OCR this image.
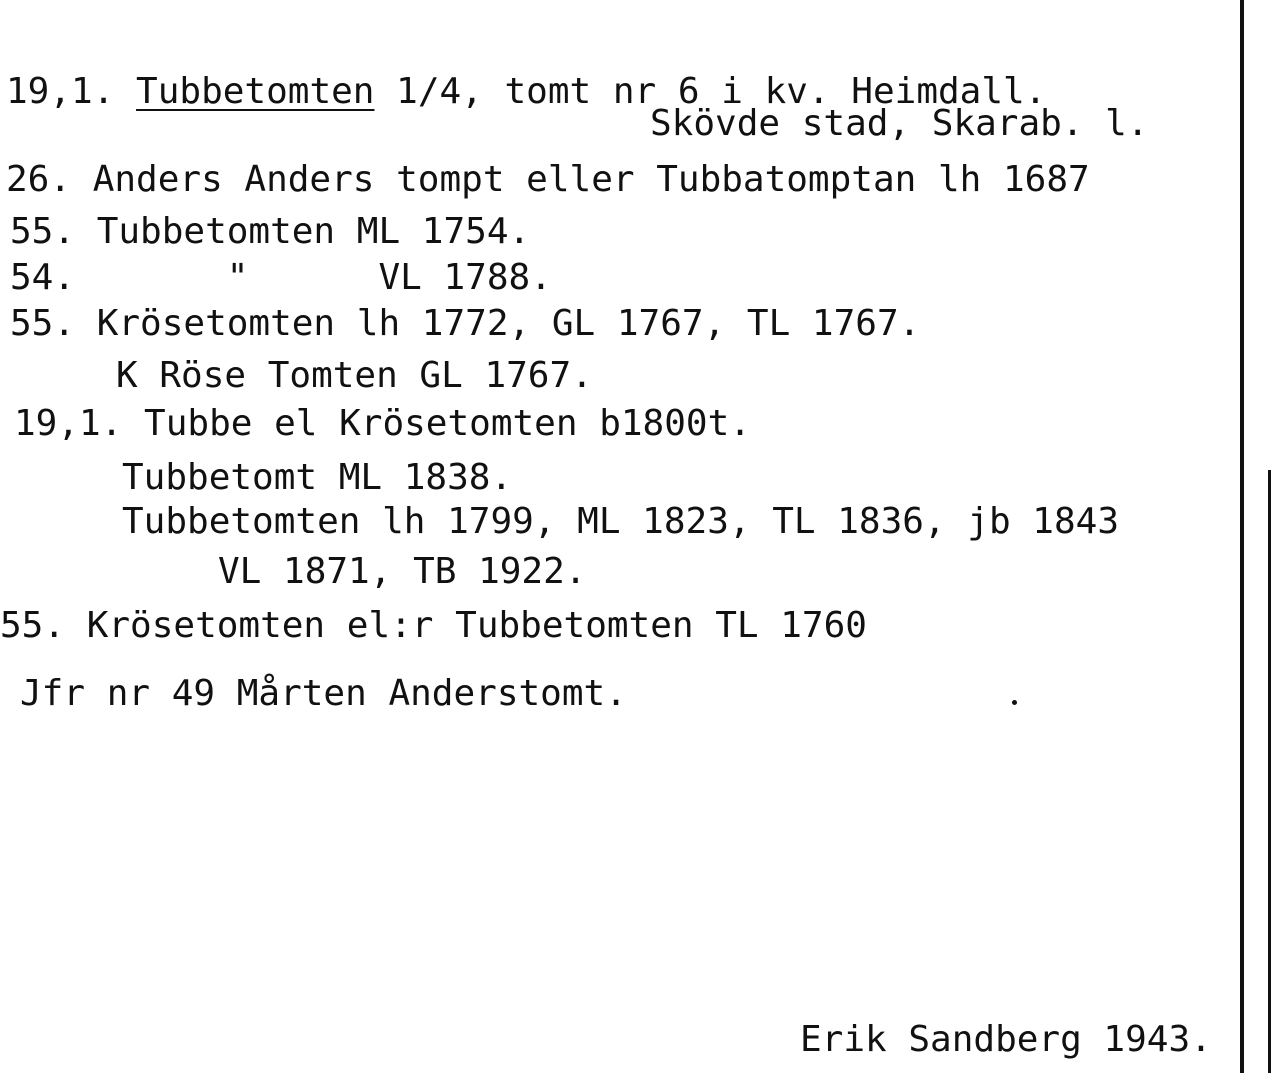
19,1. Tubbetomten 1/4, tomt nr 6 i kv. Heimdall.
Skövde stad, Skarab. l.
26. Anders Anders tompt eller Tubbatomptan lh 1687
55. Tubbetomten ML 1754.
54.       "      VL 1788.
55. Krösetomten lh 1772, GL 1767, TL 1767.
K Röse Tomten GL 1767.
19,1. Tubbe el Krösetomten b1800t.
Tubbetomt ML 1838.
Tubbetomten lh 1799, ML 1823, TL 1836, jb 1843
VL 1871, TB 1922.
55. Krösetomten el:r Tubbetomten TL 1760
Jfr nr 49 Mårten Anderstomt.
Erik Sandberg 1943.
